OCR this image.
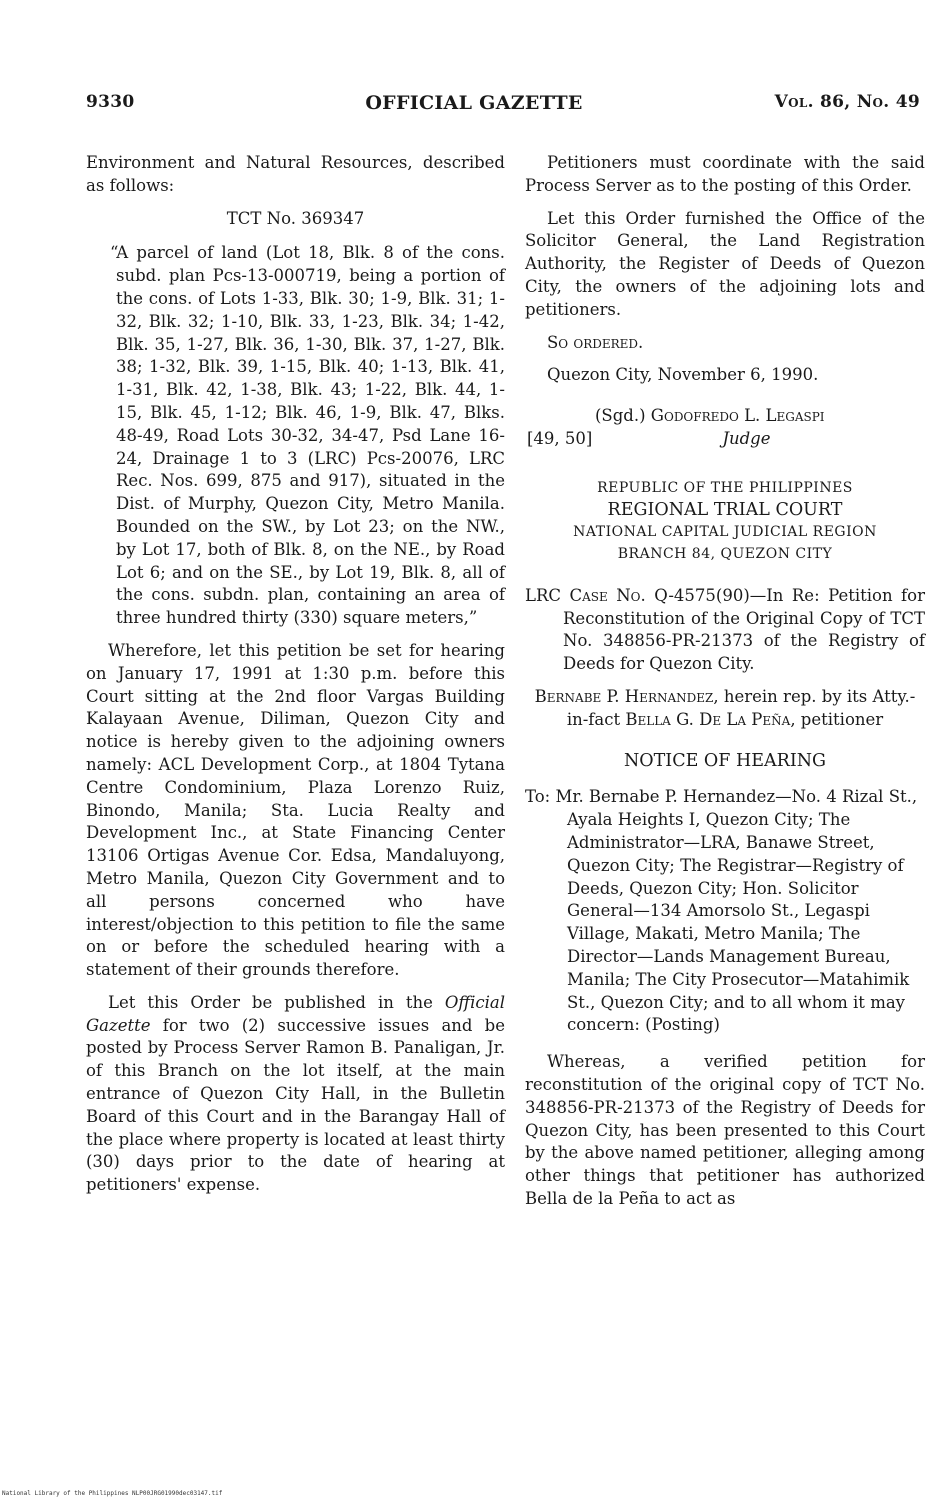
9330	OFFICIAL GAZETTE	Vol. 86, No. 49

Environment and Natural Resources, described as follows:

TCT No. 369347

“A parcel of land (Lot 18, Blk. 8 of the cons. subd. plan Pcs-13-000719, being a portion of the cons. of Lots 1-33, Blk. 30; 1-9, Blk. 31; 1-32, Blk. 32; 1-10, Blk. 33, 1-23, Blk. 34; 1-42, Blk. 35, 1-27, Blk. 36, 1-30, Blk. 37, 1-27, Blk. 38; 1-32, Blk. 39, 1-15, Blk. 40; 1-13, Blk. 41, 1-31, Blk. 42, 1-38, Blk. 43; 1-22, Blk. 44, 1-15, Blk. 45, 1-12; Blk. 46, 1-9, Blk. 47, Blks. 48-49, Road Lots 30-32, 34-47, Psd Lane 16-24, Drainage 1 to 3 (LRC) Pcs-20076, LRC Rec. Nos. 699, 875 and 917), situated in the Dist. of Murphy, Quezon City, Metro Manila. Bounded on the SW., by Lot 23; on the NW., by Lot 17, both of Blk. 8, on the NE., by Road Lot 6; and on the SE., by Lot 19, Blk. 8, all of the cons. subdn. plan, containing an area of three hundred thirty (330) square meters,”

Wherefore, let this petition be set for hearing on January 17, 1991 at 1:30 p.m. before this Court sitting at the 2nd floor Vargas Building Kalayaan Avenue, Diliman, Quezon City and notice is hereby given to the adjoining owners namely: ACL Development Corp., at 1804 Tytana Centre Condominium, Plaza Lorenzo Ruiz, Binondo, Manila; Sta. Lucia Realty and Development Inc., at State Financing Center 13106 Ortigas Avenue Cor. Edsa, Mandaluyong, Metro Manila, Quezon City Government and to all persons concerned who have interest/objection to this petition to file the same on or before the scheduled hearing with a statement of their grounds therefore.

Let this Order be published in the Official Gazette for two (2) successive issues and be posted by Process Server Ramon B. Panaligan, Jr. of this Branch on the lot itself, at the main entrance of Quezon City Hall, in the Bulletin Board of this Court and in the Barangay Hall of the place where property is located at least thirty (30) days prior to the date of hearing at petitioners' expense.

Petitioners must coordinate with the said Process Server as to the posting of this Order.

Let this Order furnished the Office of the Solicitor General, the Land Registration Authority, the Register of Deeds of Quezon City, the owners of the adjoining lots and petitioners.

So ordered.

Quezon City, November 6, 1990.

(Sgd.) Godofredo L. Legaspi
[49, 50]	Judge
REPUBLIC OF THE PHILIPPINES
REGIONAL TRIAL COURT
NATIONAL CAPITAL JUDICIAL REGION
BRANCH 84, QUEZON CITY

LRC Case No. Q-4575(90)—In Re: Petition for Reconstitution of the Original Copy of TCT No. 348856-PR-21373 of the Registry of Deeds for Quezon City.

Bernabe P. Hernandez, herein rep. by its Atty.-in-fact Bella G. De La Peña, petitioner

NOTICE OF HEARING

To: Mr. Bernabe P. Hernandez—No. 4 Rizal St., Ayala Heights I, Quezon City; The Administrator—LRA, Banawe Street, Quezon City; The Registrar—Registry of Deeds, Quezon City; Hon. Solicitor General—134 Amorsolo St., Legaspi Village, Makati, Metro Manila; The Director—Lands Management Bureau, Manila; The City Prosecutor—Matahimik St., Quezon City; and to all whom it may concern: (Posting)

Whereas, a verified petition for reconstitution of the original copy of TCT No. 348856-PR-21373 of the Registry of Deeds for Quezon City, has been presented to this Court by the above named petitioner, alleging among other things that petitioner has authorized Bella de la Peña to act as

National Library of the Philippines NLP00JRG01990dec03147.tif
